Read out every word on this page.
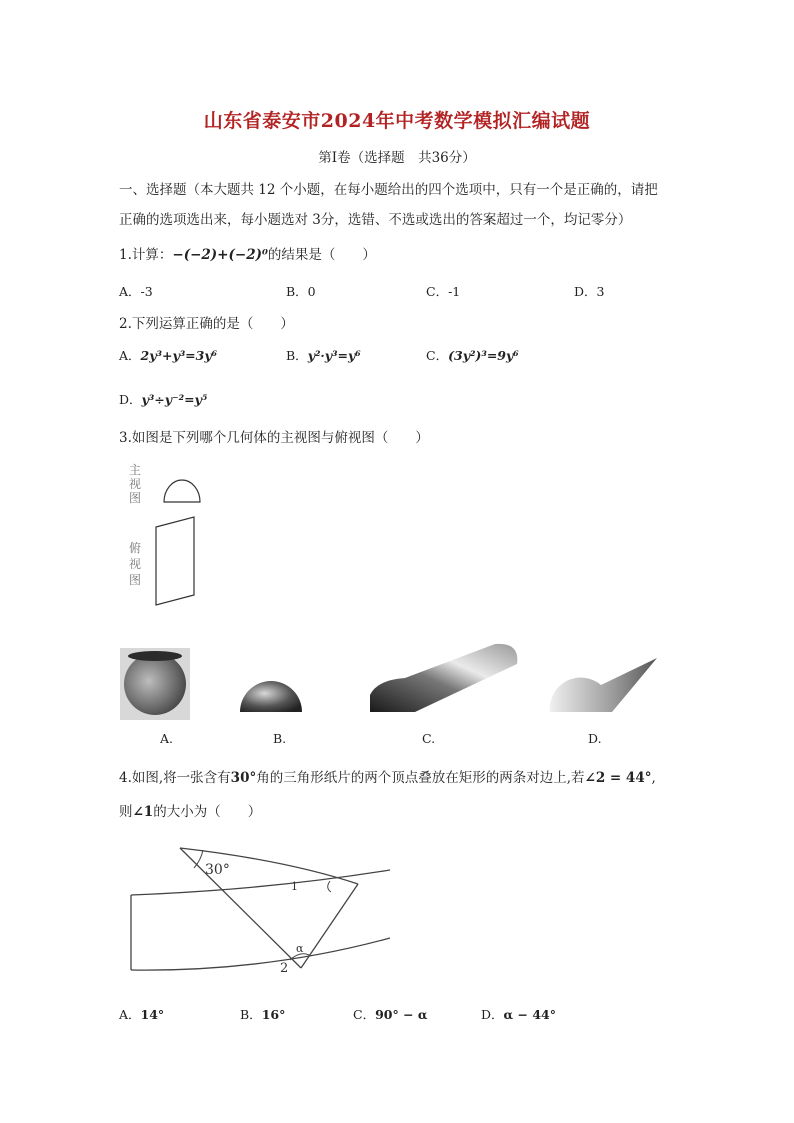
山东省泰安市2024年中考数学模拟汇编试题
第Ⅰ卷（选择题　共36分）
一、选择题（本大题共 12 个小题，在每小题给出的四个选项中，只有一个是正确的，请把
正确的选项选出来，每小题选对 3分，选错、不选或选出的答案超过一个，均记零分）
1.计算：−(−2)+(−2)⁰的结果是（　　）
A．-3	B．0	C．-1	D．3
2.下列运算正确的是（　　）
A．2y³+y³=3y⁶	B．y²·y³=y⁶	C．(3y²)³=9y⁶
D．y³÷y⁻²=y⁵
3.如图是下列哪个几何体的主视图与俯视图（　　）
主
视
图
俯
视
图
A.	B.	C.	D.
4.如图,将一张含有30°角的三角形纸片的两个顶点叠放在矩形的两条对边上,若∠2 = 44°,
则∠1的大小为（　　）
30°
1
2
α
A．14°	B．16°	C．90° − α	D．α − 44°
